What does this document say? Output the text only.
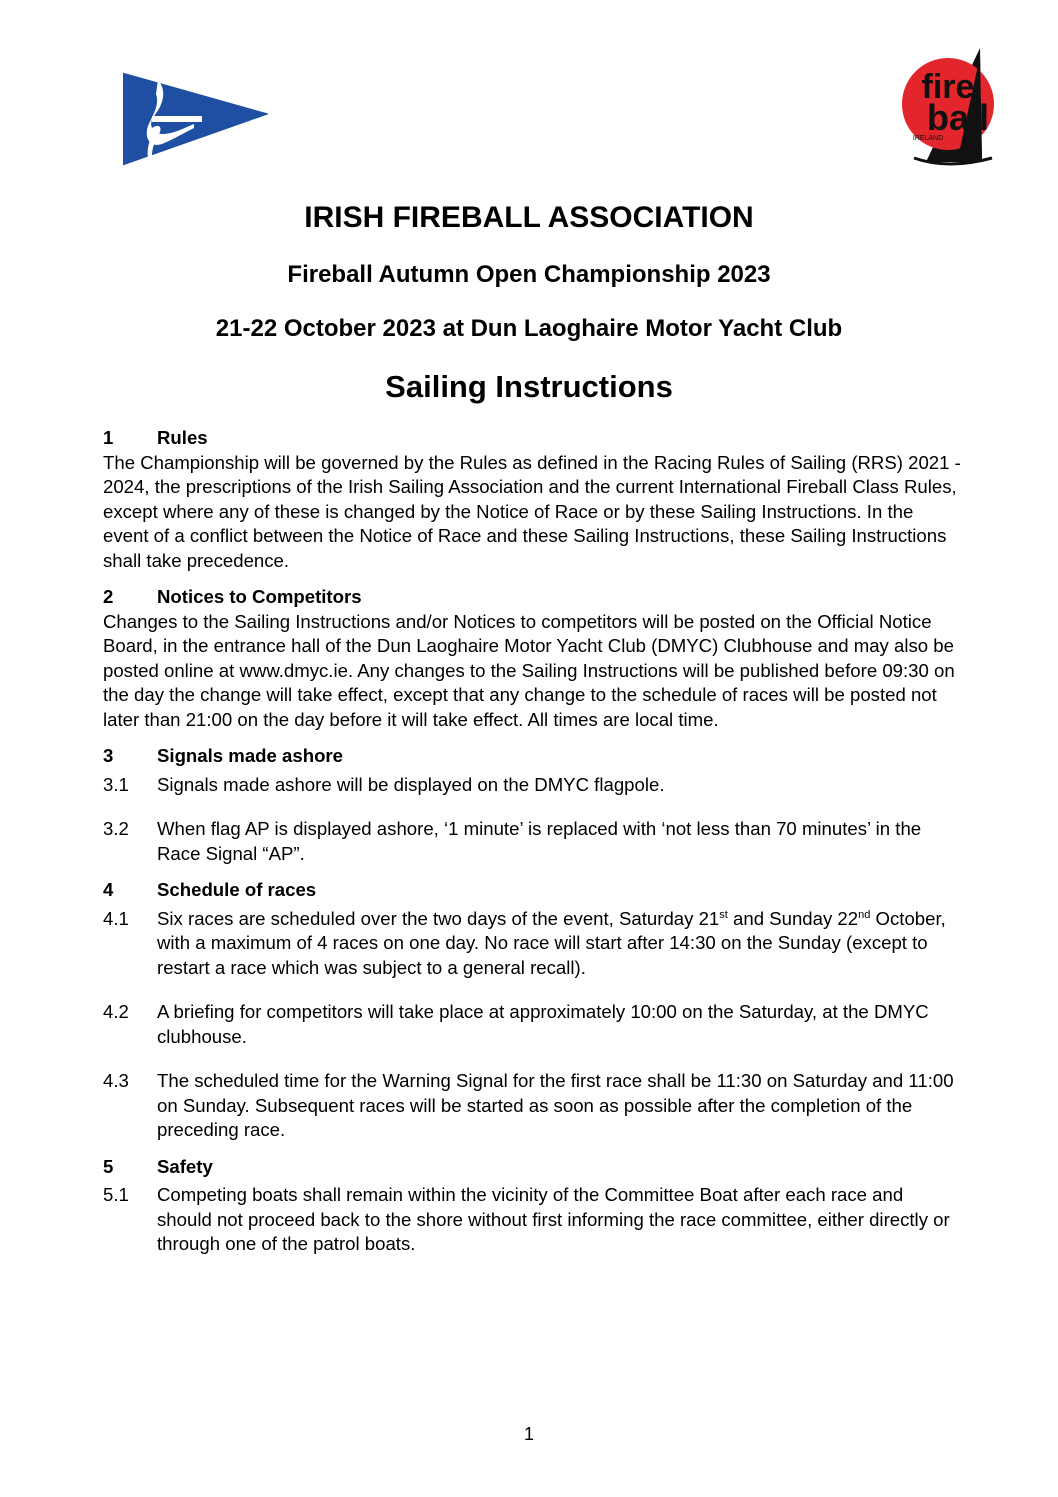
fire
ball
IRELAND
IRISH FIREBALL ASSOCIATION
Fireball Autumn Open Championship 2023
21-22 October 2023 at Dun Laoghaire Motor Yacht Club
Sailing Instructions
1	Rules

The Championship will be governed by the Rules as defined in the Racing Rules of Sailing (RRS) 2021 - 2024, the prescriptions of the Irish Sailing Association and the current International Fireball Class Rules, except where any of these is changed by the Notice of Race or by these Sailing Instructions. In the event of a conflict between the Notice of Race and these Sailing Instructions, these Sailing Instructions shall take precedence.

2	Notices to Competitors

Changes to the Sailing Instructions and/or Notices to competitors will be posted on the Official Notice Board, in the entrance hall of the Dun Laoghaire Motor Yacht Club (DMYC) Clubhouse and may also be posted online at www.dmyc.ie. Any changes to the Sailing Instructions will be published before 09:30 on the day the change will take effect, except that any change to the schedule of races will be posted not later than 21:00 on the day before it will take effect. All times are local time.

3	Signals made ashore
3.1	Signals made ashore will be displayed on the DMYC flagpole.
3.2	When flag AP is displayed ashore, ‘1 minute’ is replaced with ‘not less than 70 minutes’ in the Race Signal “AP”.
4	Schedule of races
4.1	Six races are scheduled over the two days of the event, Saturday 21st and Sunday 22nd October, with a maximum of 4 races on one day. No race will start after 14:30 on the Sunday (except to restart a race which was subject to a general recall).
4.2	A briefing for competitors will take place at approximately 10:00 on the Saturday, at the DMYC clubhouse.
4.3	The scheduled time for the Warning Signal for the first race shall be 11:30 on Saturday and 11:00 on Sunday. Subsequent races will be started as soon as possible after the completion of the preceding race.
5	Safety
5.1	Competing boats shall remain within the vicinity of the Committee Boat after each race and should not proceed back to the shore without first informing the race committee, either directly or through one of the patrol boats.
1
